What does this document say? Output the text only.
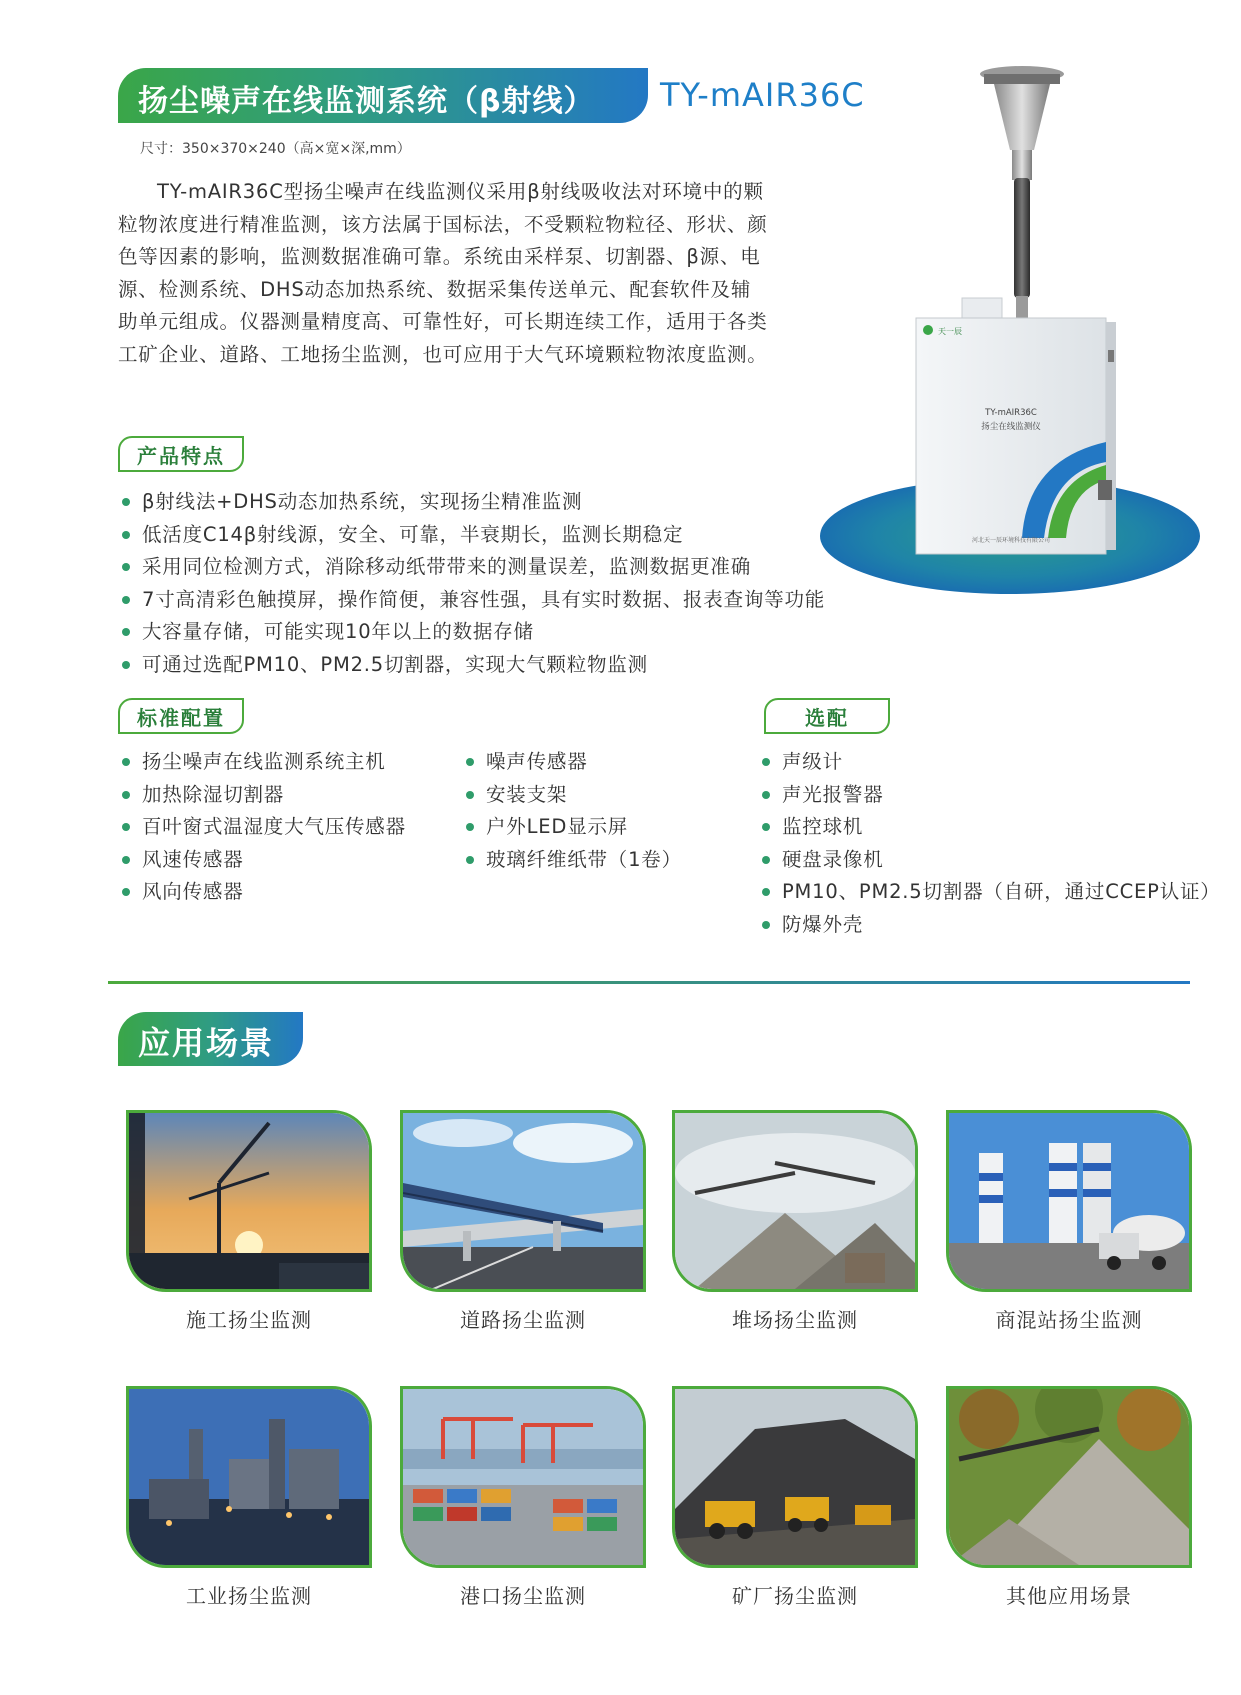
扬尘噪声在线监测系统（β射线） TY-mAIR36C
尺寸：350×370×240（高×宽×深,mm）
TY-mAIR36C型扬尘噪声在线监测仪采用β射线吸收法对环境中的颗粒物浓度进行精准监测，该方法属于国标法，不受颗粒物粒径、形状、颜色等因素的影响，监测数据准确可靠。系统由采样泵、切割器、β源、电源、检测系统、DHS动态加热系统、数据采集传送单元、配套软件及辅助单元组成。仪器测量精度高、可靠性好，可长期连续工作，适用于各类工矿企业、道路、工地扬尘监测，也可应用于大气环境颗粒物浓度监测。
天一辰
TY-mAIR36C
扬尘在线监测仪
河北天一辰环境科技有限公司
产品特点
β射线法+DHS动态加热系统，实现扬尘精准监测
低活度C14β射线源，安全、可靠，半衰期长，监测长期稳定
采用同位检测方式，消除移动纸带带来的测量误差，监测数据更准确
7寸高清彩色触摸屏，操作简便，兼容性强，具有实时数据、报表查询等功能
大容量存储，可能实现10年以上的数据存储
可通过选配PM10、PM2.5切割器，实现大气颗粒物监测
标准配置
扬尘噪声在线监测系统主机
加热除湿切割器
百叶窗式温湿度大气压传感器
风速传感器
风向传感器
噪声传感器
安装支架
户外LED显示屏
玻璃纤维纸带（1卷）
选配
声级计
声光报警器
监控球机
硬盘录像机
PM10、PM2.5切割器（自研，通过CCEP认证）
防爆外壳
应用场景
施工扬尘监测	道路扬尘监测	堆场扬尘监测	商混站扬尘监测
工业扬尘监测	港口扬尘监测	矿厂扬尘监测	其他应用场景
